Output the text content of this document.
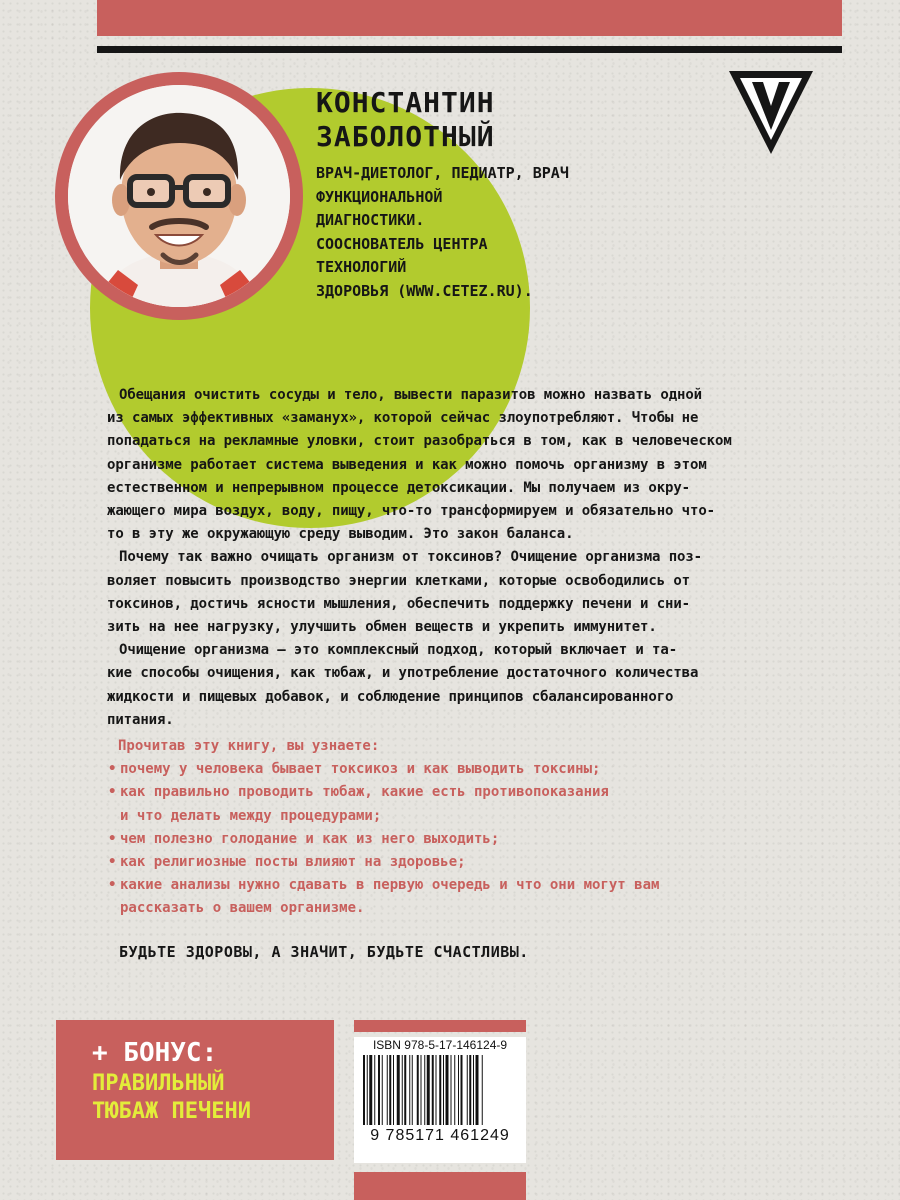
КОНСТАНТИН
ЗАБОЛОТНЫЙ
ВРАЧ-ДИЕТОЛОГ, ПЕДИАТР, ВРАЧ
ФУНКЦИОНАЛЬНОЙ
ДИАГНОСТИКИ.
СООСНОВАТЕЛЬ ЦЕНТРА
ТЕХНОЛОГИЙ
ЗДОРОВЬЯ (WWW.CETEZ.RU).

Обещания очистить сосуды и тело, вывести паразитов можно назвать одной
из самых эффективных «заманух», которой сейчас злоупотребляют. Чтобы не
попадаться на рекламные уловки, стоит разобраться в том, как в человеческом
организме работает система выведения и как можно помочь организму в этом
естественном и непрерывном процессе детоксикации. Мы получаем из окру-
жающего мира воздух, воду, пищу, что-то трансформируем и обязательно что-
то в эту же окружающую среду выводим. Это закон баланса.

Почему так важно очищать организм от токсинов? Очищение организма поз-
воляет повысить производство энергии клетками, которые освободились от
токсинов, достичь ясности мышления, обеспечить поддержку печени и сни-
зить на нее нагрузку, улучшить обмен веществ и укрепить иммунитет.

Очищение организма — это комплексный подход, который включает и та-
кие способы очищения, как тюбаж, и употребление достаточного количества
жидкости и пищевых добавок, и соблюдение принципов сбалансированного
питания.

Прочитав эту книгу, вы узнаете:
• почему у человека бывает токсикоз и как выводить токсины;
• как правильно проводить тюбаж, какие есть противопоказания
и что делать между процедурами;
• чем полезно голодание и как из него выходить;
• как религиозные посты влияют на здоровье;
• какие анализы нужно сдавать в первую очередь и что они могут вам
рассказать о вашем организме.
БУДЬТЕ ЗДОРОВЫ, А ЗНАЧИТ, БУДЬТЕ СЧАСТЛИВЫ.
+ БОНУС:
ПРАВИЛЬНЫЙ
ТЮБАЖ ПЕЧЕНИ
ISBN 978-5-17-146124-9
9 785171 461249
